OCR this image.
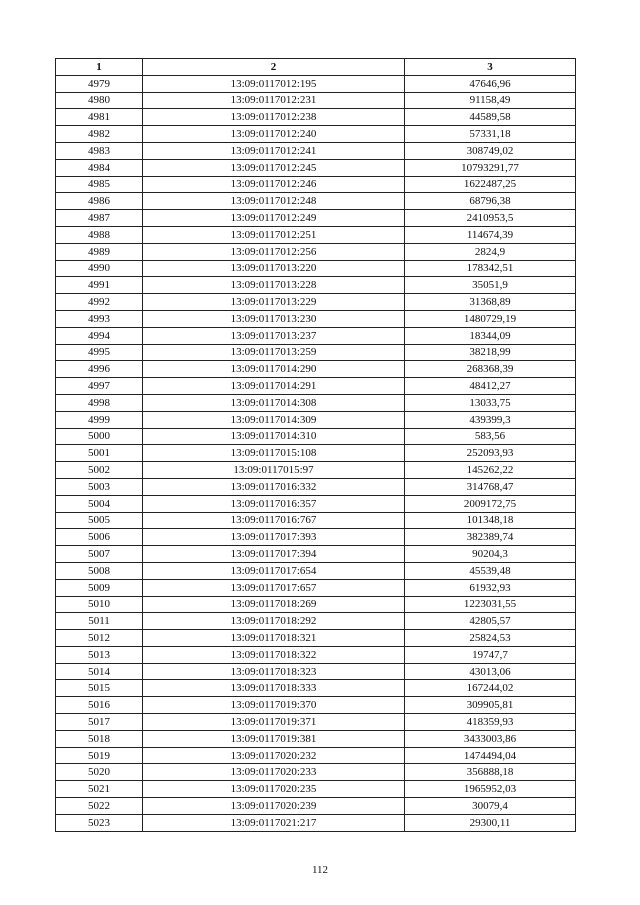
1	2	3
4979	13:09:0117012:195	47646,96
4980	13:09:0117012:231	91158,49
4981	13:09:0117012:238	44589,58
4982	13:09:0117012:240	57331,18
4983	13:09:0117012:241	308749,02
4984	13:09:0117012:245	10793291,77
4985	13:09:0117012:246	1622487,25
4986	13:09:0117012:248	68796,38
4987	13:09:0117012:249	2410953,5
4988	13:09:0117012:251	114674,39
4989	13:09:0117012:256	2824,9
4990	13:09:0117013:220	178342,51
4991	13:09:0117013:228	35051,9
4992	13:09:0117013:229	31368,89
4993	13:09:0117013:230	1480729,19
4994	13:09:0117013:237	18344,09
4995	13:09:0117013:259	38218,99
4996	13:09:0117014:290	268368,39
4997	13:09:0117014:291	48412,27
4998	13:09:0117014:308	13033,75
4999	13:09:0117014:309	439399,3
5000	13:09:0117014:310	583,56
5001	13:09:0117015:108	252093,93
5002	13:09:0117015:97	145262,22
5003	13:09:0117016:332	314768,47
5004	13:09:0117016:357	2009172,75
5005	13:09:0117016:767	101348,18
5006	13:09:0117017:393	382389,74
5007	13:09:0117017:394	90204,3
5008	13:09:0117017:654	45539,48
5009	13:09:0117017:657	61932,93
5010	13:09:0117018:269	1223031,55
5011	13:09:0117018:292	42805,57
5012	13:09:0117018:321	25824,53
5013	13:09:0117018:322	19747,7
5014	13:09:0117018:323	43013,06
5015	13:09:0117018:333	167244,02
5016	13:09:0117019:370	309905,81
5017	13:09:0117019:371	418359,93
5018	13:09:0117019:381	3433003,86
5019	13:09:0117020:232	1474494,04
5020	13:09:0117020:233	356888,18
5021	13:09:0117020:235	1965952,03
5022	13:09:0117020:239	30079,4
5023	13:09:0117021:217	29300,11
112
